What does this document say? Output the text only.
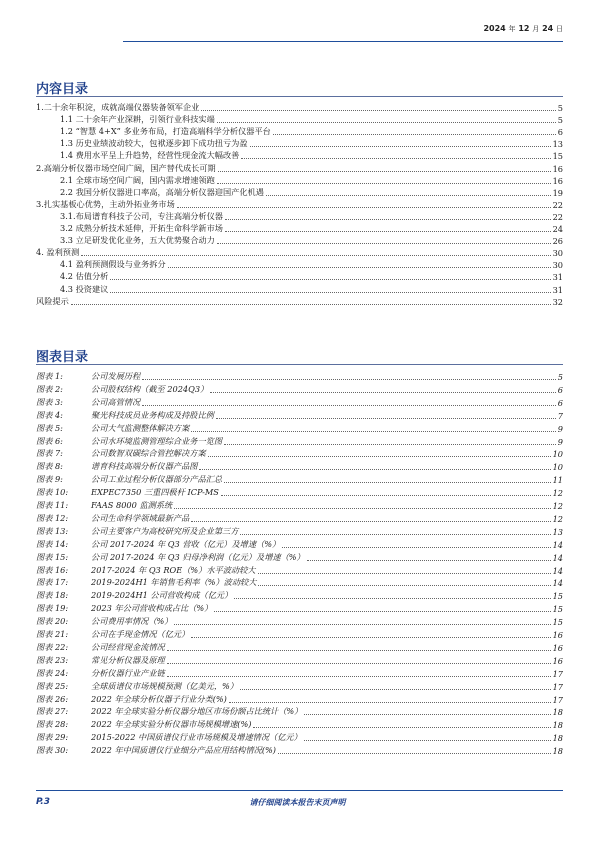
2024 年 12 月 24 日
内容目录
1.二十余年积淀，成就高端仪器装备领军企业	5
1.1 二十余年产业深耕，引领行业科技实端	5
1.2 “智慧 4+X” 多业务布局，打造高端科学分析仪器平台	6
1.3 历史业绩波动较大，包袱逐步卸下成功扭亏为盈	13
1.4 费用水平呈上升趋势，经营性现金流大幅改善	15
2.高端分析仪器市场空间广阔，国产替代成长可期	16
2.1 全球市场空间广阔，国内需求增速领跑	16
2.2 我国分析仪器进口率高，高端分析仪器迎国产化机遇	19
3.扎实基板心优势，主动外拓业务市场	22
3.1.布局谱育科技子公司，专注高端分析仪器	22
3.2 成熟分析技术延伸，开拓生命科学新市场	24
3.3 立足研发优化业务，五大优势聚合动力	26
4. 盈利预测	30
4.1 盈利预测假设与业务拆分	30
4.2 估值分析	31
4.3 投资建议	31
风险提示	32
图表目录
图表 1:	公司发展历程	5
图表 2:	公司股权结构（截至 2024Q3）	6
图表 3:	公司高管情况	6
图表 4:	聚光科技成员业务构成及持股比例	7
图表 5:	公司大气监测整体解决方案	9
图表 6:	公司水环境监测管理综合业务一览图	9
图表 7:	公司数智双碳综合管控解决方案	10
图表 8:	谱育科技高端分析仪器产品图	10
图表 9:	公司工业过程分析仪器部分产品汇总	11
图表 10:	EXPEC7350 三重四极杆 ICP-MS	12
图表 11:	FAAS 8000 监测系统	12
图表 12:	公司生命科学领域最新产品	12
图表 13:	公司主要客户为高校研究所及企业第三方	13
图表 14:	公司 2017-2024 年 Q3 营收（亿元）及增速（%）	14
图表 15:	公司 2017-2024 年 Q3 归母净利润（亿元）及增速（%）	14
图表 16:	2017-2024 年 Q3 ROE（%）水平波动较大	14
图表 17:	2019-2024H1 年销售毛利率（%）波动较大	14
图表 18:	2019-2024H1 公司营收构成（亿元）	15
图表 19:	2023 年公司营收构成占比（%）	15
图表 20:	公司费用率情况（%）	15
图表 21:	公司在手现金情况（亿元）	16
图表 22:	公司经营现金流情况	16
图表 23:	常见分析仪器及原理	16
图表 24:	分析仪器行业产业链	17
图表 25:	全球质谱仪市场规模预测（亿美元，%）	17
图表 26:	2022 年全球分析仪器子行业分类(%)	17
图表 27:	2022 年全球实验分析仪器分地区市场份额占比统计（%）	18
图表 28:	2022 年全球实验分析仪器市场规模增速(%)	18
图表 29:	2015-2022 中国质谱仪行业市场规模及增速情况（亿元）	18
图表 30:	2022 年中国质谱仪行业细分产品应用结构情况(%)	18
P.3	请仔细阅读本报告末页声明
